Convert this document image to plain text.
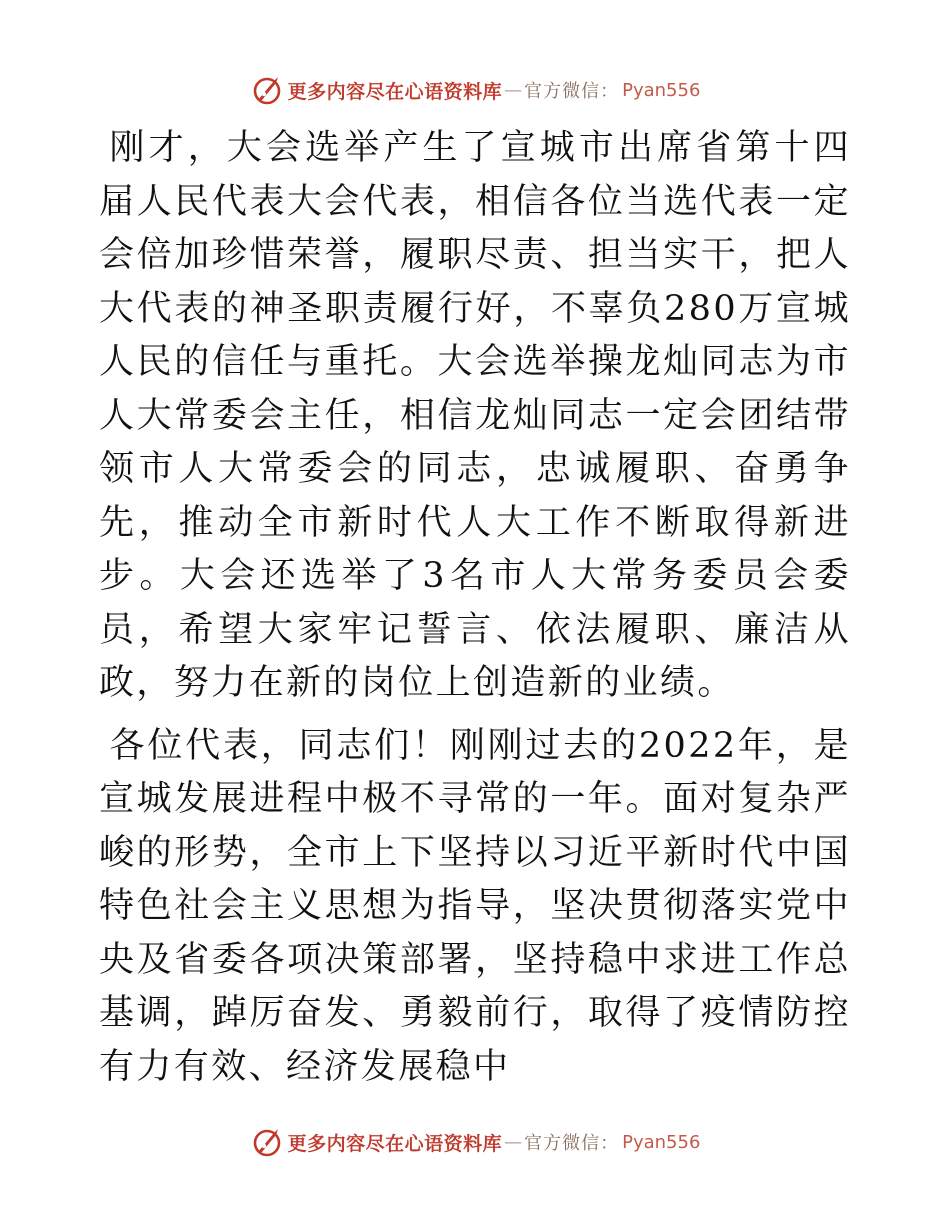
更多内容尽在心语资料库 — 官方微信 ： Pyan556

刚才，大会选举产生了宣城市出席省第十四届人民代表大会代表，相信各位当选代表一定会倍加珍惜荣誉，履职尽责、担当实干，把人大代表的神圣职责履行好，不辜负280万宣城人民的信任与重托。大会选举操龙灿同志为市人大常委会主任，相信龙灿同志一定会团结带领市人大常委会的同志，忠诚履职、奋勇争先，推动全市新时代人大工作不断取得新进步。大会还选举了3名市人大常务委员会委员，希望大家牢记誓言、依法履职、廉洁从政，努力在新的岗位上创造新的业绩。

各位代表，同志们！刚刚过去的2022年，是宣城发展进程中极不寻常的一年。面对复杂严峻的形势，全市上下坚持以习近平新时代中国特色社会主义思想为指导，坚决贯彻落实党中央及省委各项决策部署，坚持稳中求进工作总基调，踔厉奋发、勇毅前行，取得了疫情防控有力有效、经济发展稳中

更多内容尽在心语资料库 — 官方微信 ： Pyan556
